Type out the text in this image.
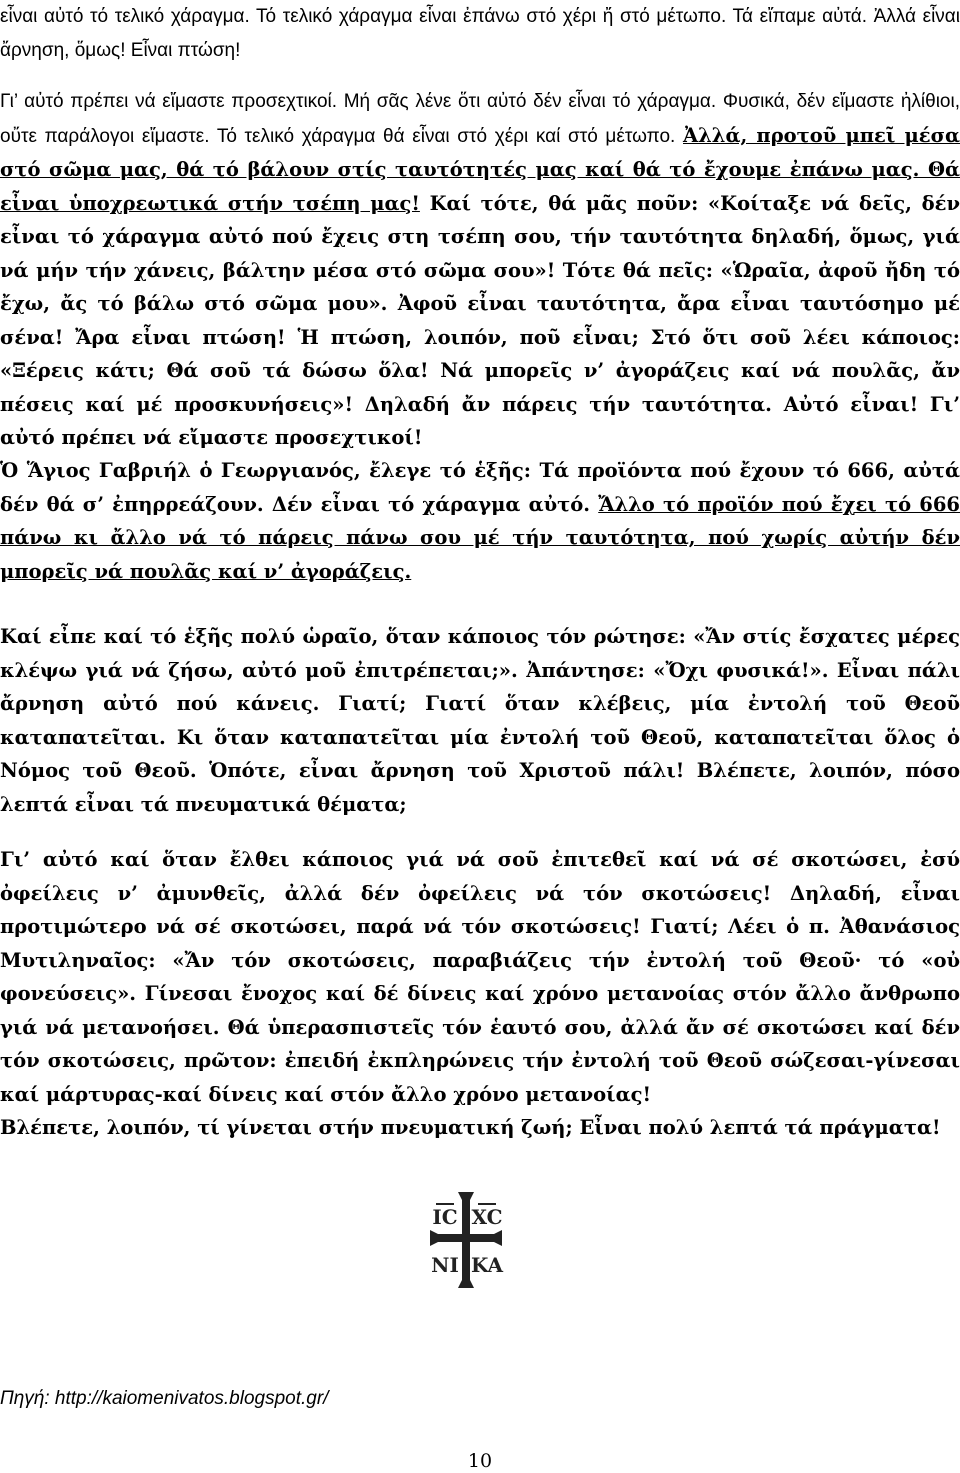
εἶναι αὐτό τό τελικό χάραγμα. Τό τελικό χάραγμα εἶναι ἐπάνω στό χέρι ἤ στό μέτωπο. Τά εἴπαμε αὐτά. Ἀλλά εἶναι ἄρνηση, ὅμως! Εἶναι πτώση!

Γι’ αὐτό πρέπει νά εἴμαστε προσεχτικοί. Μή σᾶς λένε ὅτι αὐτό δέν εἶναι τό χάραγμα. Φυσικά, δέν εἴμαστε ἠλίθιοι, οὔτε παράλογοι εἴμαστε. Τό τελικό χάραγμα θά εἶναι στό χέρι καί στό μέτωπο. Ἀλλά, προτοῦ μπεῖ μέσα στό σῶμα μας, θά τό βάλουν στίς ταυτότητές μας καί θά τό ἔχουμε ἐπάνω μας. Θά εἶναι ὑποχρεωτικά στήν τσέπη μας! Καί τότε, θά μᾶς ποῦν: «Κοίταξε νά δεῖς, δέν εἶναι τό χάραγμα αὐτό πού ἔχεις στη τσέπη σου, τήν ταυτότητα δηλαδή, ὅμως, γιά νά μήν τήν χάνεις, βάλτην μέσα στό σῶμα σου»! Τότε θά πεῖς: «Ὡραῖα, ἀφοῦ ἤδη τό ἔχω, ἄς τό βάλω στό σῶμα μου». Ἀφοῦ εἶναι ταυτότητα, ἄρα εἶναι ταυτόσημο μέ σένα! Ἄρα εἶναι πτώση! Ἡ πτώση, λοιπόν, ποῦ εἶναι; Στό ὅτι σοῦ λέει κάποιος: «Ξέρεις κάτι; Θά σοῦ τά δώσω ὅλα! Νά μπορεῖς ν’ ἀγοράζεις καί νά πουλᾶς, ἄν πέσεις καί μέ προσκυνήσεις»! Δηλαδή ἄν πάρεις τήν ταυτότητα. Αὐτό εἶναι! Γι’ αὐτό πρέπει νά εἴμαστε προσεχτικοί!

Ὁ Ἅγιος Γαβριήλ ὁ Γεωργιανός, ἔλεγε τό ἑξῆς: Τά προϊόντα πού ἔχουν τό 666, αὐτά δέν θά σ’ ἐπηρρεάζουν. Δέν εἶναι τό χάραγμα αὐτό. Ἄλλο τό προϊόν πού ἔχει τό 666 πάνω κι ἄλλο νά τό πάρεις πάνω σου μέ τήν ταυτότητα, πού χωρίς αὐτήν δέν μπορεῖς νά πουλᾶς καί ν’ ἀγοράζεις.

Καί εἶπε καί τό ἑξῆς πολύ ὡραῖο, ὅταν κάποιος τόν ρώτησε: «Ἄν στίς ἔσχατες μέρες κλέψω γιά νά ζήσω, αὐτό μοῦ ἐπιτρέπεται;». Ἀπάντησε: «Ὄχι φυσικά!». Εἶναι πάλι ἄρνηση αὐτό πού κάνεις. Γιατί; Γιατί ὅταν κλέβεις, μία ἐντολή τοῦ Θεοῦ καταπατεῖται. Κι ὅταν καταπατεῖται μία ἐντολή τοῦ Θεοῦ, καταπατεῖται ὅλος ὁ Νόμος τοῦ Θεοῦ. Ὁπότε, εἶναι ἄρνηση τοῦ Χριστοῦ πάλι! Βλέπετε, λοιπόν, πόσο λεπτά εἶναι τά πνευματικά θέματα;

Γι’ αὐτό καί ὅταν ἔλθει κάποιος γιά νά σοῦ ἐπιτεθεῖ καί νά σέ σκοτώσει, ἐσύ ὀφείλεις ν’ ἀμυνθεῖς, ἀλλά δέν ὀφείλεις νά τόν σκοτώσεις! Δηλαδή, εἶναι προτιμώτερο νά σέ σκοτώσει, παρά νά τόν σκοτώσεις! Γιατί; Λέει ὁ π. Ἀθανάσιος Μυτιληναῖος: «Ἄν τόν σκοτώσεις, παραβιάζεις τήν ἐντολή τοῦ Θεοῦ· τό «οὐ φονεύσεις». Γίνεσαι ἔνοχος καί δέ δίνεις καί χρόνο μετανοίας στόν ἄλλο ἄνθρωπο γιά νά μετανοήσει. Θά ὑπερασπιστεῖς τόν ἑαυτό σου, ἀλλά ἄν σέ σκοτώσει καί δέν τόν σκοτώσεις, πρῶτον: ἐπειδή ἐκπληρώνεις τήν ἐντολή τοῦ Θεοῦ σώζεσαι-γίνεσαι καί μάρτυρας-καί δίνεις καί στόν ἄλλο χρόνο μετανοίας!
Βλέπετε, λοιπόν, τί γίνεται στήν πνευματική ζωή; Εἶναι πολύ λεπτά τά πράγματα!

IC XC
NI KA
Πηγή: http://kaiomenivatos.blogspot.gr/
10
